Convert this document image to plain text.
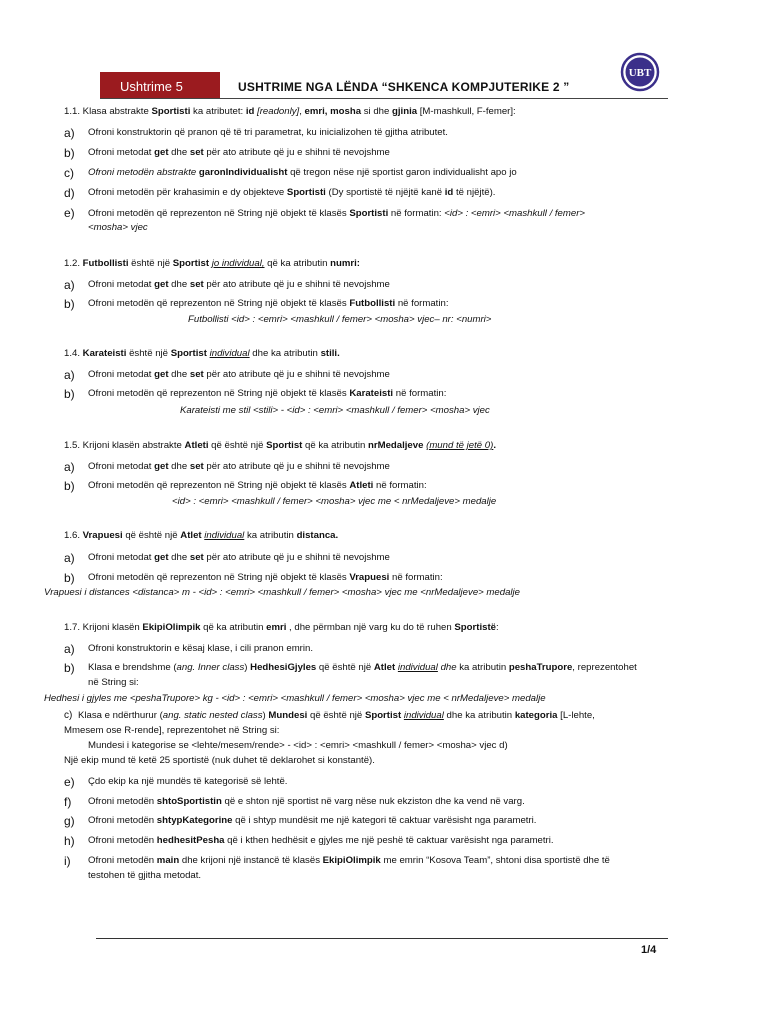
Ushtrime 5	USHTRIME NGA LËNDA “SHKENCA KOMPJUTERIKE 2 ”
UBT
1.1. Klasa abstrakte Sportisti ka atributet: id [readonly], emri, mosha si dhe gjinia [M-mashkull, F-femer]:
a) Ofroni konstruktorin që pranon që të tri parametrat, ku inicializohen të gjitha atributet.
b) Ofroni metodat get dhe set për ato atribute që ju e shihni të nevojshme
c) Ofroni metodën abstrakte garonIndividualisht që tregon nëse një sportist garon individualisht apo jo
d) Ofroni metodën për krahasimin e dy objekteve Sportisti (Dy sportistë të njëjtë kanë id të njëjtë).
e) Ofroni metodën që reprezenton në String një objekt të klasës Sportisti në formatin: <id> : <emri> <mashkull / femer>
<mosha> vjec
1.2. Futbollisti është një Sportist jo individual, që ka atributin numri:
a) Ofroni metodat get dhe set për ato atribute që ju e shihni të nevojshme
b) Ofroni metodën që reprezenton në String një objekt të klasës Futbollisti në formatin:
Futbollisti <id> : <emri> <mashkull / femer> <mosha> vjec– nr: <numri>
1.4. Karateisti është një Sportist individual dhe ka atributin stili.
a) Ofroni metodat get dhe set për ato atribute që ju e shihni të nevojshme
b) Ofroni metodën që reprezenton në String një objekt të klasës Karateisti në formatin:
Karateisti me stil <stili> - <id> : <emri> <mashkull / femer> <mosha> vjec
1.5. Krijoni klasën abstrakte Atleti që është një Sportist që ka atributin nrMedaljeve (mund të jetë 0).
a) Ofroni metodat get dhe set për ato atribute që ju e shihni të nevojshme
b) Ofroni metodën që reprezenton në String një objekt të klasës Atleti në formatin:
<id> : <emri> <mashkull / femer> <mosha> vjec me < nrMedaljeve> medalje
1.6. Vrapuesi që është një Atlet individual ka atributin distanca.
a) Ofroni metodat get dhe set për ato atribute që ju e shihni të nevojshme
b) Ofroni metodën që reprezenton në String një objekt të klasës Vrapuesi në formatin:
Vrapuesi i distances <distanca> m - <id> : <emri> <mashkull / femer> <mosha> vjec me <nrMedaljeve> medalje
1.7. Krijoni klasën EkipiOlimpik që ka atributin emri , dhe përmban një varg ku do të ruhen Sportistë:
a) Ofroni konstruktorin e kësaj klase, i cili pranon emrin.
b) Klasa e brendshme (ang. Inner class) HedhesiGjyles që është një Atlet individual dhe ka atributin peshaTrupore, reprezentohet
në String si:
Hedhesi i gjyles me <peshaTrupore> kg - <id> : <emri> <mashkull / femer> <mosha> vjec me < nrMedaljeve> medalje
c) Klasa e ndërthurur (ang. static nested class) Mundesi që është një Sportist individual dhe ka atributin kategoria [L-lehte,
Mmesem ose R-rende], reprezentohet në String si:
Mundesi i kategorise se <lehte/mesem/rende> - <id> : <emri> <mashkull / femer> <mosha> vjec d)
Një ekip mund të ketë 25 sportistë (nuk duhet të deklarohet si konstantë).
e) Çdo ekip ka një mundës të kategorisë së lehtë.
f) Ofroni metodën shtoSportistin që e shton një sportist në varg nëse nuk ekziston dhe ka vend në varg.
g) Ofroni metodën shtypKategorine që i shtyp mundësit me një kategori të caktuar varësisht nga parametri.
h) Ofroni metodën hedhesitPesha që i kthen hedhësit e gjyles me një peshë të caktuar varësisht nga parametri.
i) Ofroni metodën main dhe krijoni një instancë të klasës EkipiOlimpik me emrin “Kosova Team”, shtoni disa sportistë dhe të
testohen të gjitha metodat.
1/4
